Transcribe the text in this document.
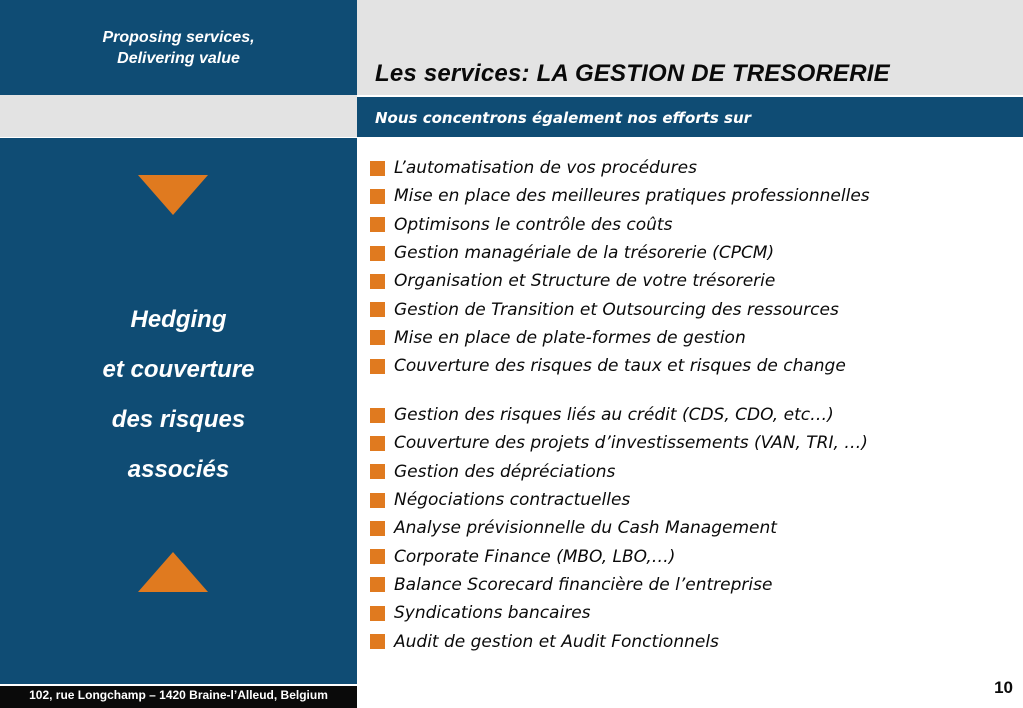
Proposing services,
Delivering value
Les services: LA GESTION DE TRESORERIE
Nous concentrons également nos efforts sur
Hedging
et couverture
des risques
associés
L’automatisation de vos procédures
Mise en place des meilleures pratiques professionnelles
Optimisons le contrôle des coûts
Gestion managériale de la trésorerie (CPCM)
Organisation et Structure de votre trésorerie
Gestion de Transition et Outsourcing des ressources
Mise en place de plate-formes de gestion
Couverture des risques de taux et risques de change
Gestion des risques liés au crédit (CDS, CDO, etc…)
Couverture des projets d’investissements (VAN, TRI, …)
Gestion des dépréciations
Négociations contractuelles
Analyse prévisionnelle du Cash Management
Corporate Finance (MBO, LBO,…)
Balance Scorecard financière de l’entreprise
Syndications bancaires
Audit de gestion et Audit Fonctionnels
102, rue Longchamp – 1420 Braine-l’Alleud, Belgium	10
